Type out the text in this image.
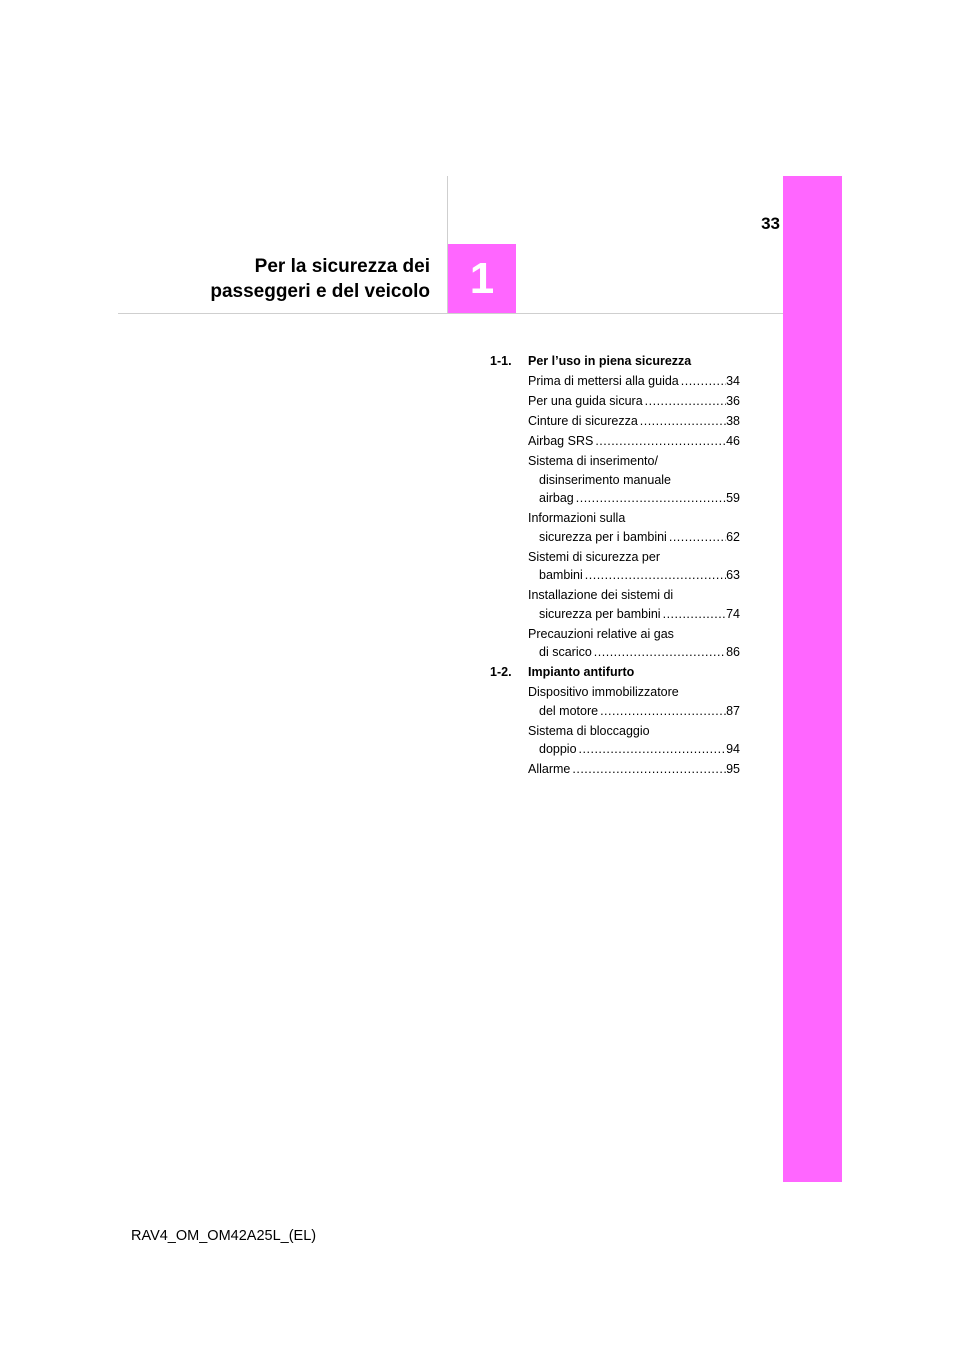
1
33
Per la sicurezza dei
passeggeri e del veicolo
1-1.	Per l’uso in piena sicurezza
Prima di mettersi alla guida .....	34
Per una guida sicura .....	36
Cinture di sicurezza .....	38
Airbag SRS .....	46
Sistema di inserimento/
disinserimento manuale
airbag .....	59
Informazioni sulla
sicurezza per i bambini .....	62
Sistemi di sicurezza per
bambini .....	63
Installazione dei sistemi di
sicurezza per bambini .....	74
Precauzioni relative ai gas
di scarico .....	86
1-2.	Impianto antifurto
Dispositivo immobilizzatore
del motore .....	87
Sistema di bloccaggio
doppio .....	94
Allarme .....	95
RAV4_OM_OM42A25L_(EL)
